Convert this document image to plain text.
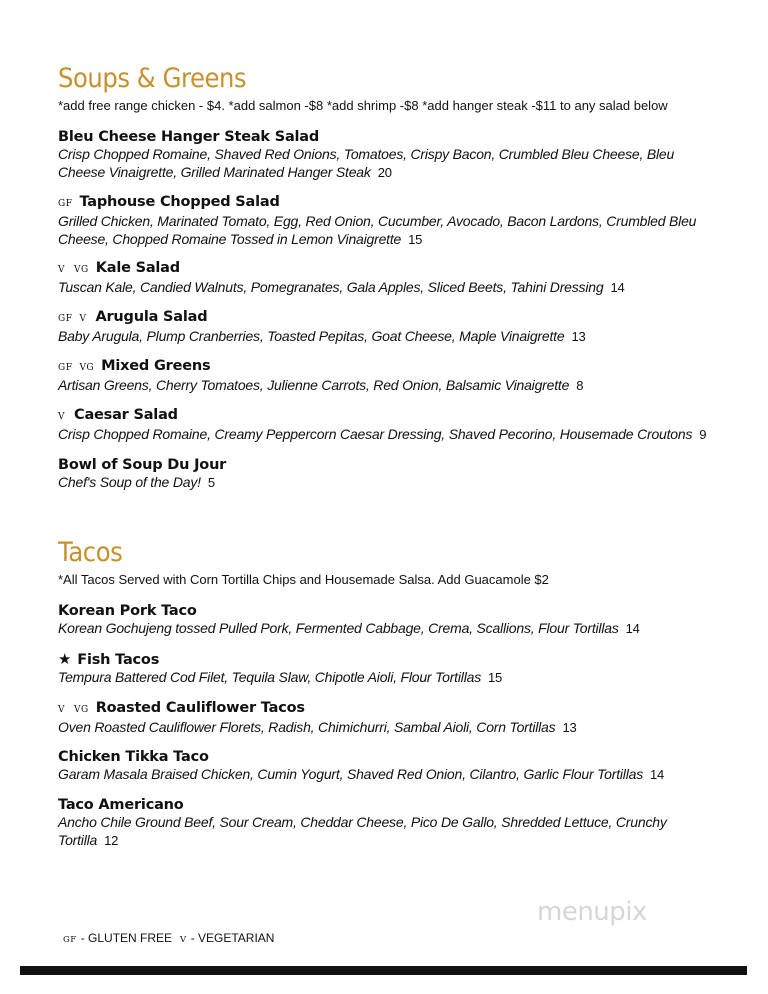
Soups & Greens
*add free range chicken - $4. *add salmon -$8 *add shrimp -$8 *add hanger steak -$11 to any salad below
Bleu Cheese Hanger Steak Salad
Crisp Chopped Romaine, Shaved Red Onions, Tomatoes, Crispy Bacon, Crumbled Bleu Cheese, Bleu Cheese Vinaigrette, Grilled Marinated Hanger Steak 20
GF Taphouse Chopped Salad
Grilled Chicken, Marinated Tomato, Egg, Red Onion, Cucumber, Avocado, Bacon Lardons, Crumbled Bleu Cheese, Chopped Romaine Tossed in Lemon Vinaigrette 15
V VG Kale Salad
Tuscan Kale, Candied Walnuts, Pomegranates, Gala Apples, Sliced Beets, Tahini Dressing 14
GF V Arugula Salad
Baby Arugula, Plump Cranberries, Toasted Pepitas, Goat Cheese, Maple Vinaigrette 13
GF VG Mixed Greens
Artisan Greens, Cherry Tomatoes, Julienne Carrots, Red Onion, Balsamic Vinaigrette 8
V Caesar Salad
Crisp Chopped Romaine, Creamy Peppercorn Caesar Dressing, Shaved Pecorino, Housemade Croutons 9
Bowl of Soup Du Jour
Chef's Soup of the Day! 5
Tacos
*All Tacos Served with Corn Tortilla Chips and Housemade Salsa. Add Guacamole $2
Korean Pork Taco
Korean Gochujeng tossed Pulled Pork, Fermented Cabbage, Crema, Scallions, Flour Tortillas 14
★ Fish Tacos
Tempura Battered Cod Filet, Tequila Slaw, Chipotle Aioli, Flour Tortillas 15
V VG Roasted Cauliflower Tacos
Oven Roasted Cauliflower Florets, Radish, Chimichurri, Sambal Aioli, Corn Tortillas 13
Chicken Tikka Taco
Garam Masala Braised Chicken, Cumin Yogurt, Shaved Red Onion, Cilantro, Garlic Flour Tortillas 14
Taco Americano
Ancho Chile Ground Beef, Sour Cream, Cheddar Cheese, Pico De Gallo, Shredded Lettuce, Crunchy Tortilla 12
menupix
GF - GLUTEN FREE V - VEGETARIAN
